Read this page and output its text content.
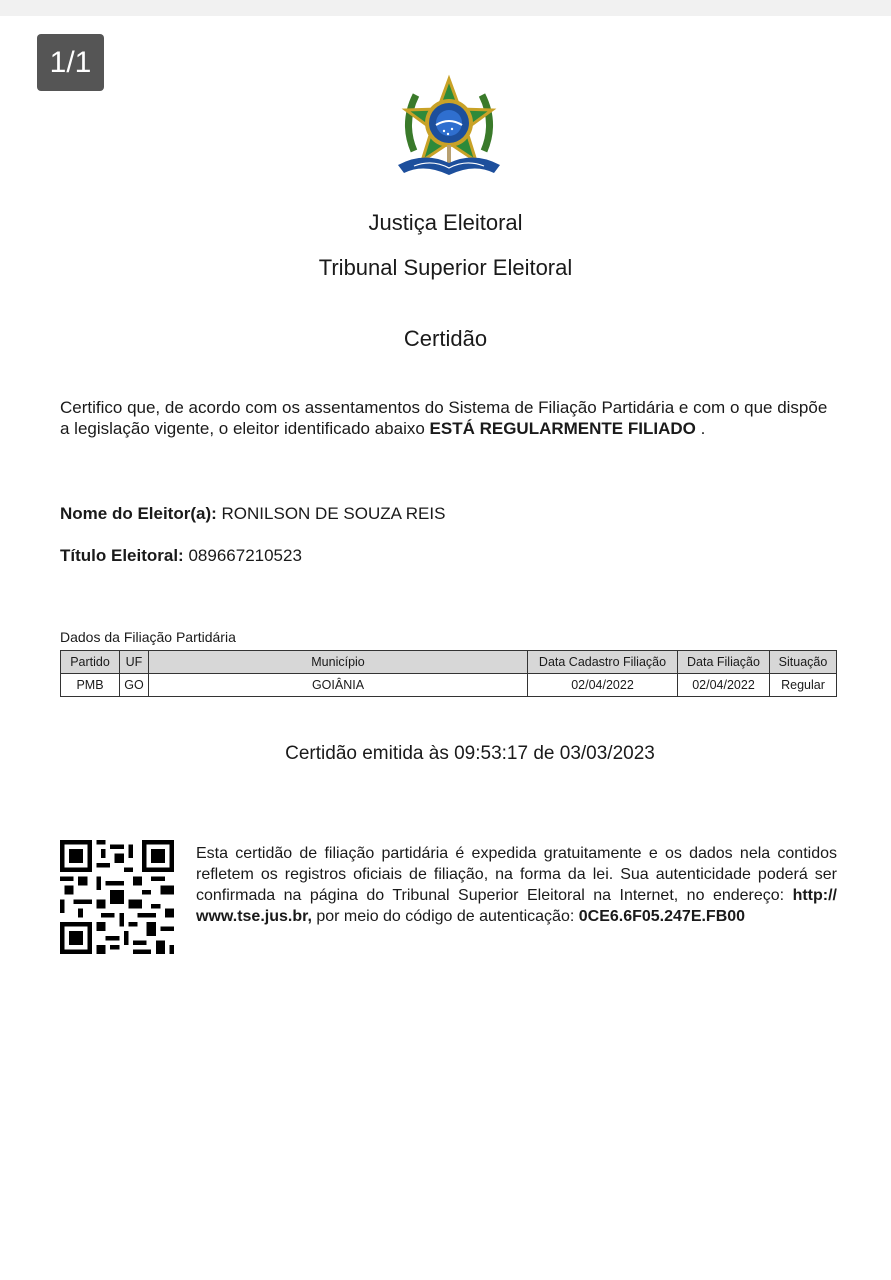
1/1
Justiça Eleitoral
Tribunal Superior Eleitoral
Certidão
Certifico que, de acordo com os assentamentos do Sistema de Filiação Partidária e com o que dispõe a legislação vigente, o eleitor identificado abaixo ESTÁ REGULARMENTE FILIADO .
Nome do Eleitor(a): RONILSON DE SOUZA REIS
Título Eleitoral: 089667210523
Dados da Filiação Partidária
Partido	UF	Município	Data Cadastro Filiação	Data Filiação	Situação
PMB	GO	GOIÂNIA	02/04/2022	02/04/2022	Regular
Certidão emitida às 09:53:17 de 03/03/2023
Esta certidão de filiação partidária é expedida gratuitamente e os dados nela contidos refletem os registros oficiais de filiação, na forma da lei. Sua autenticidade poderá ser confirmada na página do Tribunal Superior Eleitoral na Internet, no endereço: http:// www.tse.jus.br, por meio do código de autenticação: 0CE6.6F05.247E.FB00
